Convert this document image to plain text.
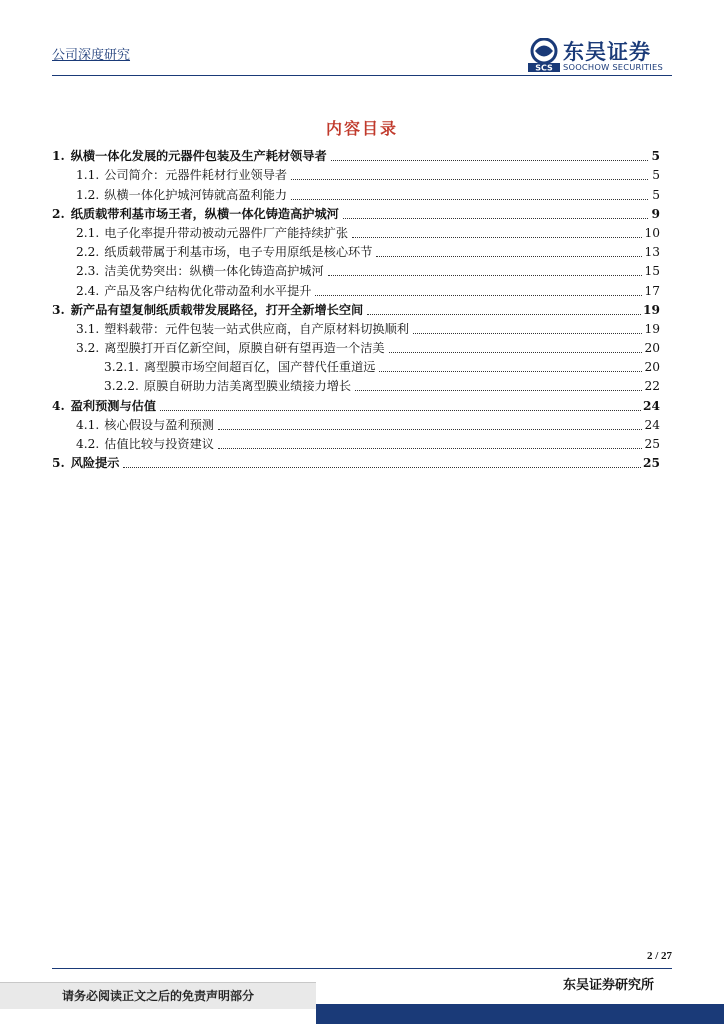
公司深度研究
SCS
东吴证券
SOOCHOW SECURITIES
内容目录
1. 纵横一体化发展的元器件包装及生产耗材领导者	5
1.1. 公司简介：元器件耗材行业领导者	5
1.2. 纵横一体化护城河铸就高盈利能力	5
2. 纸质载带利基市场王者，纵横一体化铸造高护城河	9
2.1. 电子化率提升带动被动元器件厂产能持续扩张	10
2.2. 纸质载带属于利基市场，电子专用原纸是核心环节	13
2.3. 洁美优势突出：纵横一体化铸造高护城河	15
2.4. 产品及客户结构优化带动盈利水平提升	17
3. 新产品有望复制纸质载带发展路径，打开全新增长空间	19
3.1. 塑料载带：元件包装一站式供应商，自产原材料切换顺利	19
3.2. 离型膜打开百亿新空间，原膜自研有望再造一个洁美	20
3.2.1. 离型膜市场空间超百亿，国产替代任重道远	20
3.2.2. 原膜自研助力洁美离型膜业绩接力增长	22
4. 盈利预测与估值	24
4.1. 核心假设与盈利预测	24
4.2. 估值比较与投资建议	25
5. 风险提示	25
2 / 27
请务必阅读正文之后的免责声明部分
东吴证券研究所
